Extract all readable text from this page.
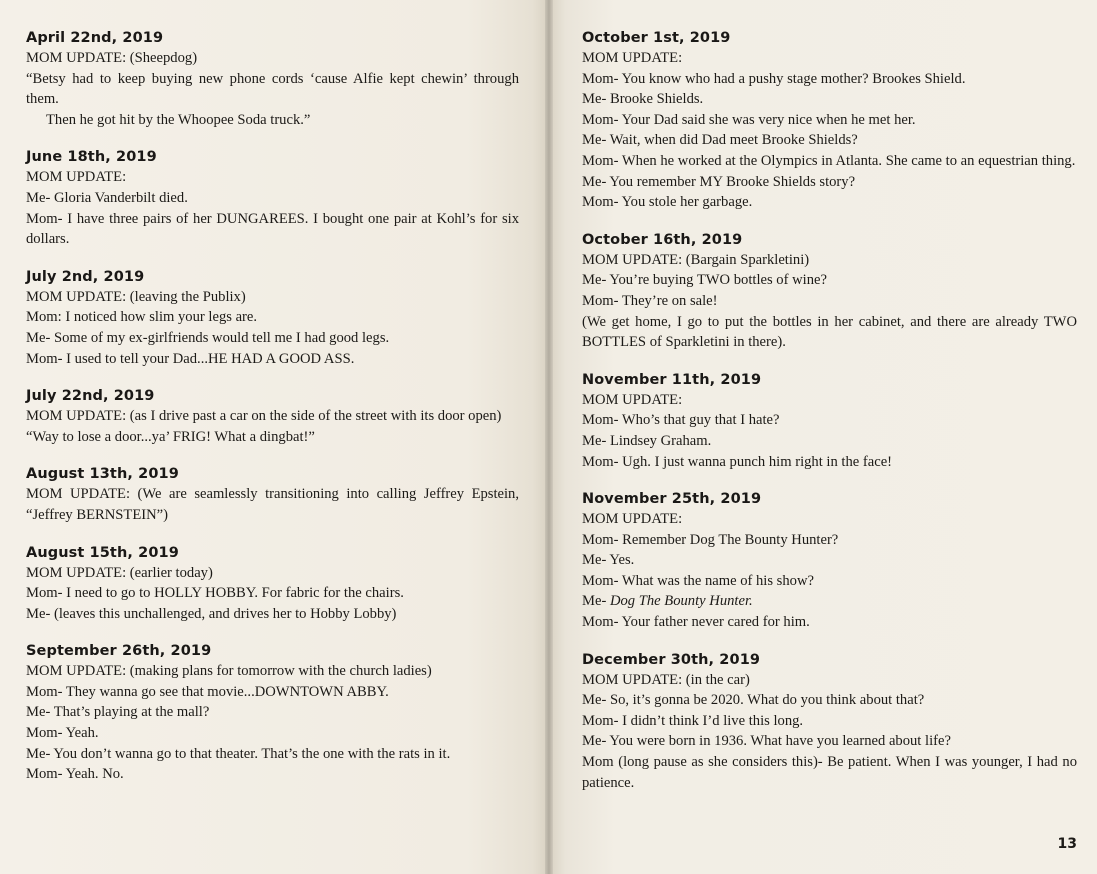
April 22nd, 2019
MOM UPDATE: (Sheepdog)
“Betsy had to keep buying new phone cords ‘cause Alfie kept chewin’ through them.
Then he got hit by the Whoopee Soda truck.”
June 18th, 2019
MOM UPDATE:
Me- Gloria Vanderbilt died.
Mom- I have three pairs of her DUNGAREES. I bought one pair at Kohl’s for six dollars.
July 2nd, 2019
MOM UPDATE: (leaving the Publix)
Mom: I noticed how slim your legs are.
Me- Some of my ex-girlfriends would tell me I had good legs.
Mom- I used to tell your Dad...HE HAD A GOOD ASS.
July 22nd, 2019
MOM UPDATE: (as I drive past a car on the side of the street with its door open)
“Way to lose a door...ya’ FRIG! What a dingbat!”
August 13th, 2019
MOM UPDATE: (We are seamlessly transitioning into calling Jeffrey Epstein, “Jeffrey BERNSTEIN”)
August 15th, 2019
MOM UPDATE: (earlier today)
Mom- I need to go to HOLLY HOBBY. For fabric for the chairs.
Me- (leaves this unchallenged, and drives her to Hobby Lobby)
September 26th, 2019
MOM UPDATE: (making plans for tomorrow with the church ladies)
Mom- They wanna go see that movie...DOWNTOWN ABBY.
Me- That’s playing at the mall?
Mom- Yeah.
Me- You don’t wanna go to that theater. That’s the one with the rats in it.
Mom- Yeah. No.
October 1st, 2019
MOM UPDATE:
Mom- You know who had a pushy stage mother? Brookes Shield.
Me- Brooke Shields.
Mom- Your Dad said she was very nice when he met her.
Me- Wait, when did Dad meet Brooke Shields?
Mom- When he worked at the Olympics in Atlanta. She came to an equestrian thing.
Me- You remember MY Brooke Shields story?
Mom- You stole her garbage.
October 16th, 2019
MOM UPDATE: (Bargain Sparkletini)
Me- You’re buying TWO bottles of wine?
Mom- They’re on sale!
(We get home, I go to put the bottles in her cabinet, and there are already TWO BOTTLES of Sparkletini in there).
November 11th, 2019
MOM UPDATE:
Mom- Who’s that guy that I hate?
Me- Lindsey Graham.
Mom- Ugh. I just wanna punch him right in the face!
November 25th, 2019
MOM UPDATE:
Mom- Remember Dog The Bounty Hunter?
Me- Yes.
Mom- What was the name of his show?
Me- Dog The Bounty Hunter.
Mom- Your father never cared for him.
December 30th, 2019
MOM UPDATE: (in the car)
Me- So, it’s gonna be 2020. What do you think about that?
Mom- I didn’t think I’d live this long.
Me- You were born in 1936. What have you learned about life?
Mom (long pause as she considers this)- Be patient. When I was younger, I had no patience.
13
